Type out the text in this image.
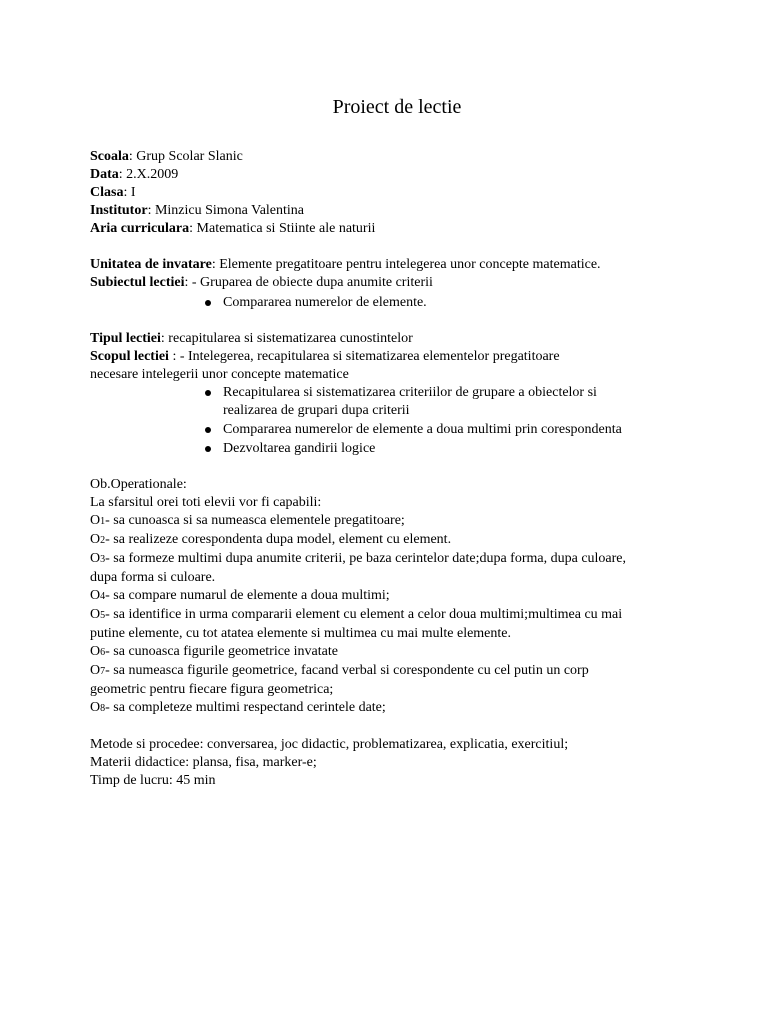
Proiect de lectie

Scoala: Grup Scolar Slanic

Data: 2.X.2009

Clasa: I

Institutor: Minzicu Simona Valentina

Aria curriculara: Matematica si Stiinte ale naturii

Unitatea de invatare: Elemente pregatitoare pentru intelegerea unor concepte matematice.

Subiectul lectiei: - Gruparea de obiecte dupa anumite criterii

Compararea numerelor de elemente.

Tipul lectiei: recapitularea si sistematizarea cunostintelor

Scopul lectiei : - Intelegerea, recapitularea si sitematizarea elementelor pregatitoare

necesare intelegerii unor concepte matematice

Recapitularea si sistematizarea criteriilor de grupare a obiectelor si
realizarea de grupari dupa criterii
Compararea numerelor de elemente a doua multimi prin corespondenta
Dezvoltarea gandirii logice

Ob.Operationale:

La sfarsitul orei toti elevii vor fi capabili:

O1- sa cunoasca si sa numeasca elementele pregatitoare;

O2- sa realizeze corespondenta dupa model, element cu element.

O3- sa formeze multimi dupa anumite criterii, pe baza cerintelor date;dupa forma, dupa culoare,

dupa forma si culoare.

O4- sa compare numarul de elemente a doua multimi;

O5- sa identifice in urma compararii element cu element a celor doua multimi;multimea cu mai

putine elemente, cu tot atatea elemente si multimea cu mai multe elemente.

O6- sa cunoasca figurile geometrice invatate

O7- sa numeasca figurile geometrice, facand verbal si corespondente cu cel putin un corp

geometric pentru fiecare figura geometrica;

O8- sa completeze multimi respectand cerintele date;

Metode si procedee: conversarea, joc didactic, problematizarea, explicatia, exercitiul;

Materii didactice: plansa, fisa, marker-e;

Timp de lucru: 45 min
